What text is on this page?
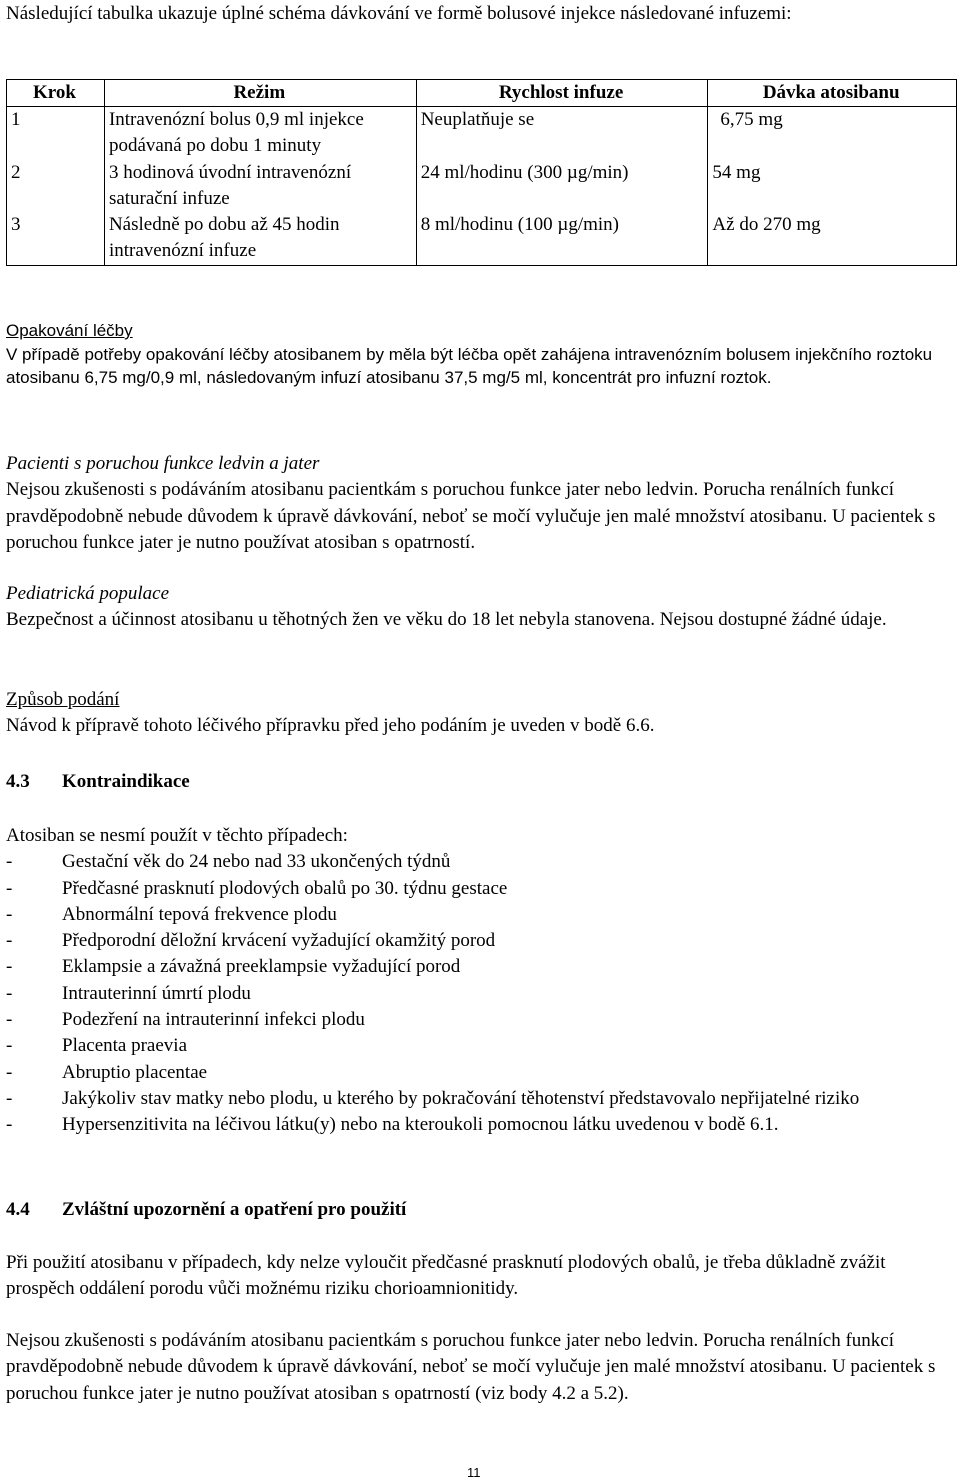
Následující tabulka ukazuje úplné schéma dávkování ve formě bolusové injekce následované infuzemi:

Krok	Režim	Rychlost infuze	Dávka atosibanu
1	Intravenózní bolus 0,9 ml injekce podávaná po dobu 1 minuty	Neuplatňuje se	6,75 mg
2	3 hodinová úvodní intravenózní saturační infuze	24 ml/hodinu (300 µg/min)	54 mg
3	Následně po dobu až 45 hodin intravenózní infuze	8 ml/hodinu (100 µg/min)	Až do 270 mg

Opakování léčby

V případě potřeby opakování léčby atosibanem by měla být léčba opět zahájena intravenózním bolusem injekčního roztoku atosibanu 6,75 mg/0,9 ml, následovaným infuzí atosibanu 37,5 mg/5 ml, koncentrát pro infuzní roztok.

Pacienti s poruchou funkce ledvin a jater

Nejsou zkušenosti s podáváním atosibanu pacientkám s poruchou funkce jater nebo ledvin. Porucha renálních funkcí pravděpodobně nebude důvodem k úpravě dávkování, neboť se močí vylučuje jen malé množství atosibanu. U pacientek s poruchou funkce jater je nutno používat atosiban s opatrností.

Pediatrická populace

Bezpečnost a účinnost atosibanu u těhotných žen ve věku do 18 let nebyla stanovena. Nejsou dostupné žádné údaje.

Způsob podání

Návod k přípravě tohoto léčivého přípravku před jeho podáním je uveden v bodě 6.6.

4.3 Kontraindikace

Atosiban se nesmí použít v těchto případech:

-	Gestační věk do 24 nebo nad 33 ukončených týdnů
-	Předčasné prasknutí plodových obalů po 30. týdnu gestace
-	Abnormální tepová frekvence plodu
-	Předporodní děložní krvácení vyžadující okamžitý porod
-	Eklampsie a závažná preeklampsie vyžadující porod
-	Intrauterinní úmrtí plodu
-	Podezření na intrauterinní infekci plodu
-	Placenta praevia
-	Abruptio placentae
-	Jakýkoliv stav matky nebo plodu, u kterého by pokračování těhotenství představovalo nepřijatelné riziko
-	Hypersenzitivita na léčivou látku(y) nebo na kteroukoli pomocnou látku uvedenou v bodě 6.1.
4.4 Zvláštní upozornění a opatření pro použití

Při použití atosibanu v případech, kdy nelze vyloučit předčasné prasknutí plodových obalů, je třeba důkladně zvážit prospěch oddálení porodu vůči možnému riziku chorioamnionitidy.

Nejsou zkušenosti s podáváním atosibanu pacientkám s poruchou funkce jater nebo ledvin. Porucha renálních funkcí pravděpodobně nebude důvodem k úpravě dávkování, neboť se močí vylučuje jen malé množství atosibanu. U pacientek s poruchou funkce jater je nutno používat atosiban s opatrností (viz body 4.2 a 5.2).

11
